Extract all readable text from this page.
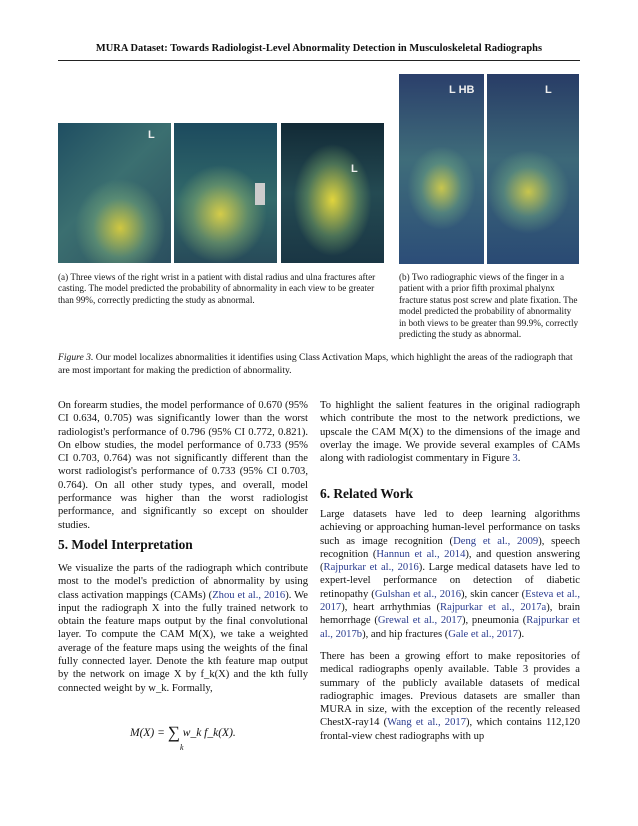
MURA Dataset: Towards Radiologist-Level Abnormality Detection in Musculoskeletal Radiographs
L
L
L HB	L
(a) Three views of the right wrist in a patient with distal radius and ulna fractures after casting. The model predicted the probability of abnormality in each view to be greater than 99%, correctly predicting the study as abnormal.
(b) Two radiographic views of the finger in a patient with a prior fifth proximal phalynx fracture status post screw and plate fixation. The model predicted the probability of abnormality in both views to be greater than 99.9%, correctly predicting the study as abnormal.
Figure 3. Our model localizes abnormalities it identifies using Class Activation Maps, which highlight the areas of the radiograph that are most important for making the prediction of abnormality.

On forearm studies, the model performance of 0.670 (95% CI 0.634, 0.705) was significantly lower than the worst radiologist's performance of 0.796 (95% CI 0.772, 0.821). On elbow studies, the model performance of 0.733 (95% CI 0.703, 0.764) was not significantly different than the worst radiologist's performance of 0.733 (95% CI 0.703, 0.764). On all other study types, and overall, model performance was higher than the worst radiologist performance, and significantly so except on shoulder studies.

5. Model Interpretation

We visualize the parts of the radiograph which contribute most to the model's prediction of abnormality by using class activation mappings (CAMs) (Zhou et al., 2016). We input the radiograph X into the fully trained network to obtain the feature maps output by the final convolutional layer. To compute the CAM M(X), we take a weighted average of the feature maps using the weights of the final fully connected layer. Denote the kth feature map output by the network on image X by f_k(X) and the kth fully connected weight by w_k. Formally,

M(X) = ∑
k
w_k f_k(X).

To highlight the salient features in the original radiograph which contribute the most to the network predictions, we upscale the CAM M(X) to the dimensions of the image and overlay the image. We provide several examples of CAMs along with radiologist commentary in Figure 3.

6. Related Work

Large datasets have led to deep learning algorithms achieving or approaching human-level performance on tasks such as image recognition (Deng et al., 2009), speech recognition (Hannun et al., 2014), and question answering (Rajpurkar et al., 2016). Large medical datasets have led to expert-level performance on detection of diabetic retinopathy (Gulshan et al., 2016), skin cancer (Esteva et al., 2017), heart arrhythmias (Rajpurkar et al., 2017a), brain hemorrhage (Grewal et al., 2017), pneumonia (Rajpurkar et al., 2017b), and hip fractures (Gale et al., 2017).

There has been a growing effort to make repositories of medical radiographs openly available. Table 3 provides a summary of the publicly available datasets of medical radiographic images. Previous datasets are smaller than MURA in size, with the exception of the recently released ChestX-ray14 (Wang et al., 2017), which contains 112,120 frontal-view chest radiographs with up
